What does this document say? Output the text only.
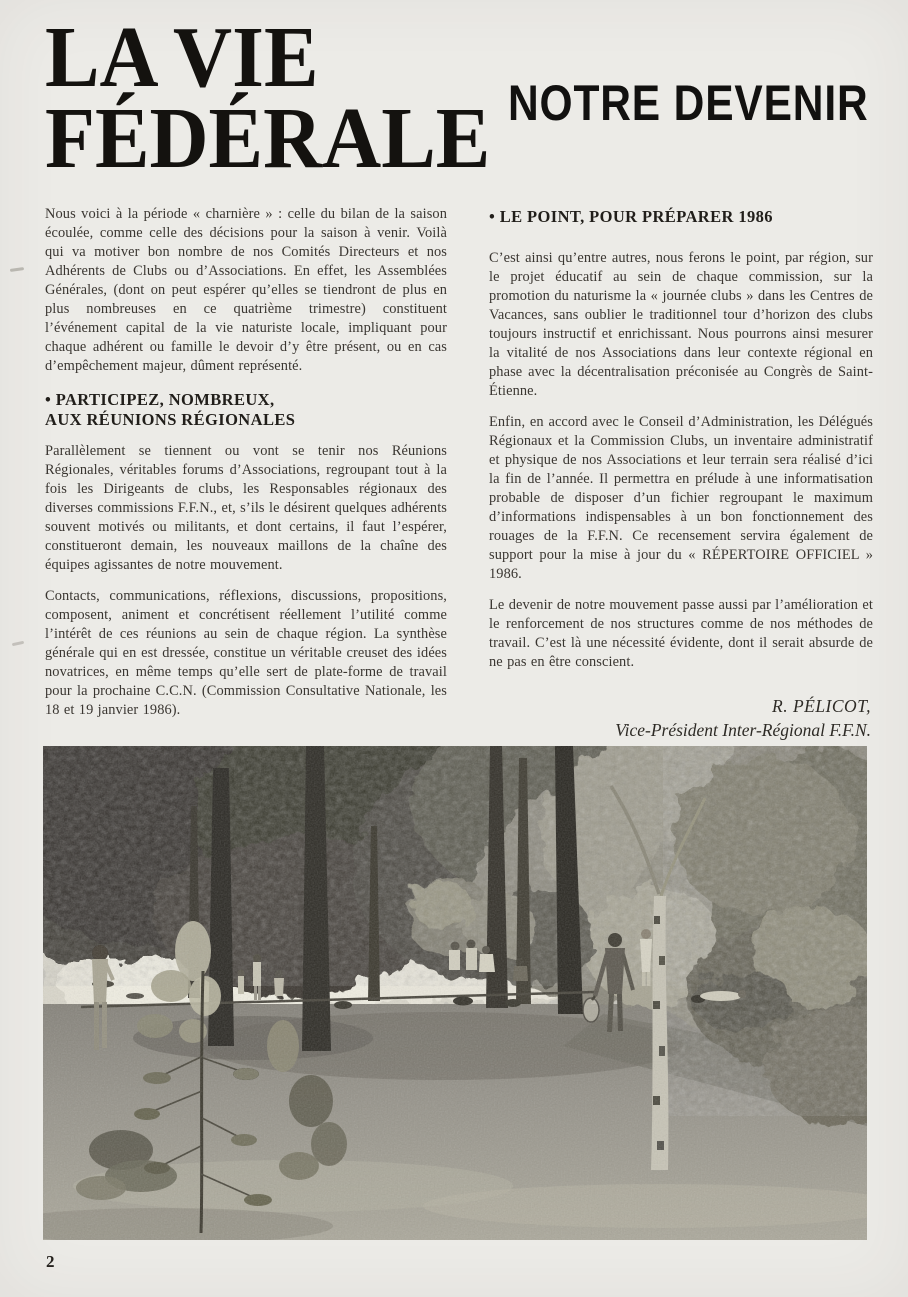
LA VIE
FÉDÉRALE NOTRE DEVENIR

Nous voici à la période « charnière » : celle du bilan de la saison écoulée, comme celle des décisions pour la saison à venir. Voilà qui va motiver bon nombre de nos Comités Directeurs et nos Adhérents de Clubs ou d’Associations. En effet, les Assemblées Générales, (dont on peut espérer qu’elles se tiendront de plus en plus nombreuses en ce quatrième trimestre) constituent l’événement capital de la vie naturiste locale, impliquant pour chaque adhérent ou famille le devoir d’y être présent, ou en cas d’empêchement majeur, dûment représenté.

• PARTICIPEZ, NOMBREUX,
AUX RÉUNIONS RÉGIONALES

Parallèlement se tiennent ou vont se tenir nos Réunions Régionales, véritables forums d’Associations, regroupant tout à la fois les Dirigeants de clubs, les Responsables régionaux des diverses commissions F.F.N., et, s’ils le désirent quelques adhérents souvent motivés ou militants, et dont certains, il faut l’espérer, constitueront demain, les nouveaux maillons de la chaîne des équipes agissantes de notre mouvement.

Contacts, communications, réflexions, discussions, propositions, composent, animent et concrétisent réellement l’utilité comme l’intérêt de ces réunions au sein de chaque région. La synthèse générale qui en est dressée, constitue un véritable creuset des idées novatrices, en même temps qu’elle sert de plate-forme de travail pour la prochaine C.C.N. (Commission Consultative Nationale, les 18 et 19 janvier 1986).

• LE POINT, POUR PRÉPARER 1986

C’est ainsi qu’entre autres, nous ferons le point, par région, sur le projet éducatif au sein de chaque commission, sur la promotion du naturisme la « journée clubs » dans les Centres de Vacances, sans oublier le traditionnel tour d’horizon des clubs toujours instructif et enrichissant. Nous pourrons ainsi mesurer la vitalité de nos Associations dans leur contexte régional en phase avec la décentralisation préconisée au Congrès de Saint-Étienne.

Enfin, en accord avec le Conseil d’Administration, les Délégués Régionaux et la Commission Clubs, un inventaire administratif et physique de nos Associations et leur terrain sera réalisé d’ici la fin de l’année. Il permettra en prélude à une informatisation probable de disposer d’un fichier regroupant le maximum d’informations indispensables à un bon fonctionnement des rouages de la F.F.N. Ce recensement servira également de support pour la mise à jour du « RÉPERTOIRE OFFICIEL » 1986.

Le devenir de notre mouvement passe aussi par l’amélioration et le renforcement de nos structures comme de nos méthodes de travail. C’est là une nécessité évidente, dont il serait absurde de ne pas en être conscient.

R. PÉLICOT,
Vice-Président Inter-Régional F.F.N.
2
